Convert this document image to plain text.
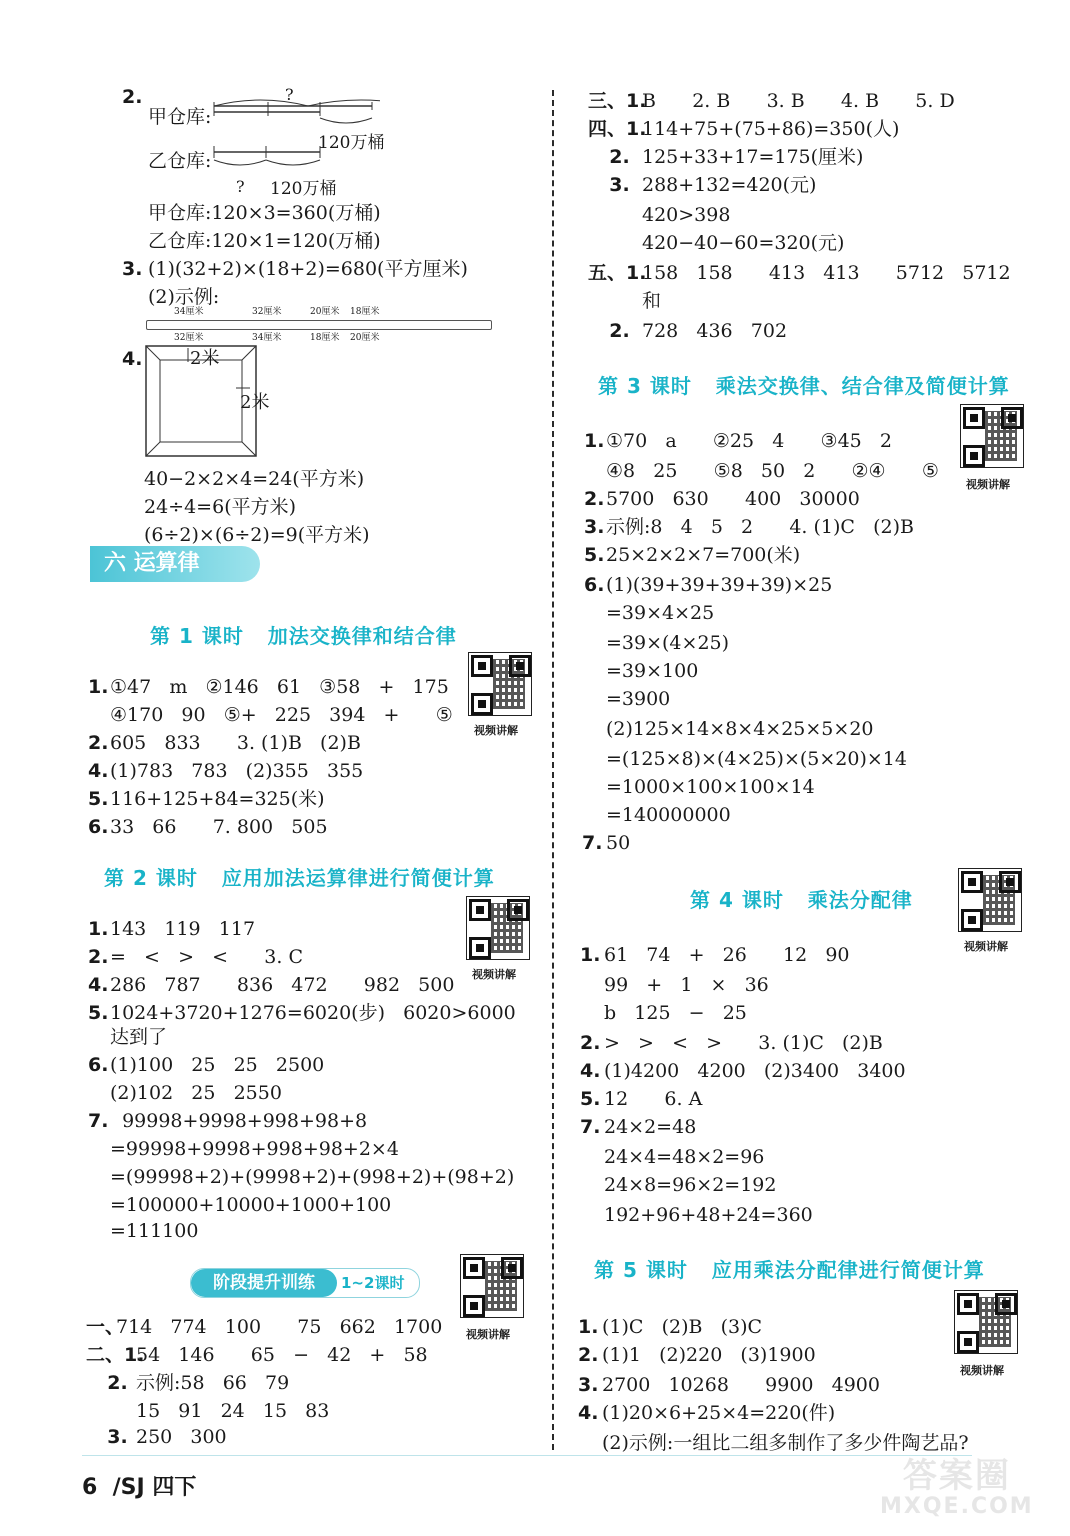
2.
甲仓库:
?
乙仓库:
120万桶
? 120万桶
甲仓库:120×3=360(万桶)
乙仓库:120×1=120(万桶)
3. (1)(32+2)×(18+2)=680(平方厘米)
(2)示例:
34厘米	32厘米	20厘米 18厘米
32厘米	34厘米	18厘米 20厘米
4.	2米
2米
40−2×2×4=24(平方米)
24÷4=6(平方米)
(6÷2)×(6÷2)=9(平方米)
六 运算律
第 1 课时   加法交换律和结合律
视频讲解
1. ①47   m   ②146   61   ③58   +   175
④170   90   ⑤+   225   394   +      ⑤
2. 605   833      3. (1)B   (2)B
4. (1)783   783   (2)355   355
5. 116+125+84=325(米)
6. 33   66      7. 800   505
第 2 课时   应用加法运算律进行简便计算
视频讲解
1. 143   119   117
2. =   <   >   <      3. C
4. 286   787      836   472      982   500
5. 1024+3720+1276=6020(步)   6020>6000
达到了
6. (1)100   25   25   2500
(2)102   25   2550
7. 99998+9998+998+98+8
=99998+9998+998+98+2×4
=(99998+2)+(9998+2)+(998+2)+(98+2)
=100000+10000+1000+100
=111100
阶段提升训练	1~2课时
视频讲解
一、
714   774   100      75   662   1700
二、1.
54   146      65   −   42   +   58
2. 示例:58   66   79
15   91   24   15   83
3. 250   300
三、1.
B      2. B      3. B      4. B      5. D
四、1.
114+75+(75+86)=350(人)
2. 125+33+17=175(厘米)
3. 288+132=420(元)
420>398
420−40−60=320(元)
五、1.
158   158      413   413      5712   5712
和
2. 728   436   702
第 3 课时   乘法交换律、结合律及简便计算
视频讲解
1. ①70   a      ②25   4      ③45   2
④8   25      ⑤8   50   2      ②④      ⑤
2. 5700   630      400   30000
3. 示例:8   4   5   2      4. (1)C   (2)B
5. 25×2×2×7=700(米)
6. (1)(39+39+39+39)×25
=39×4×25
=39×(4×25)
=39×100
=3900
(2)125×14×8×4×25×5×20
=(125×8)×(4×25)×(5×20)×14
=1000×100×100×14
=140000000
7. 50
第 4 课时   乘法分配律
视频讲解
1. 61   74   +   26      12   90
99   +   1   ×   36
b   125   −   25
2. >   >   <   >      3. (1)C   (2)B
4. (1)4200   4200   (2)3400   3400
5. 12      6. A
7. 24×2=48
24×4=48×2=96
24×8=96×2=192
192+96+48+24=360
第 5 课时   应用乘法分配律进行简便计算
视频讲解
1. (1)C   (2)B   (3)C
2. (1)1   (2)220   (3)1900
3. 2700   10268      9900   4900
4. (1)20×6+25×4=220(件)
(2)示例:一组比二组多制作了多少件陶艺品?
6  /SJ 四下	答案圈
MXQE.COM
